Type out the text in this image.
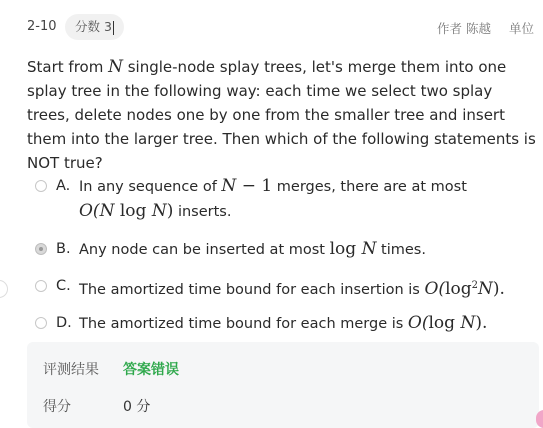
2-10	分数 3	作者 陈越 单位
Start from N single-node splay trees, let's merge them into one splay tree in the following way: each time we select two splay trees, delete nodes one by one from the smaller tree and insert them into the larger tree. Then which of the following statements is NOT true?
A. In any sequence of N − 1 merges, there are at most
O(N log N) inserts.
B. Any node can be inserted at most log N times.
C. The amortized time bound for each insertion is $O(\log^2N)$.
D. The amortized time bound for each merge is O(log N).
评测结果 答案错误
得分	0 分
